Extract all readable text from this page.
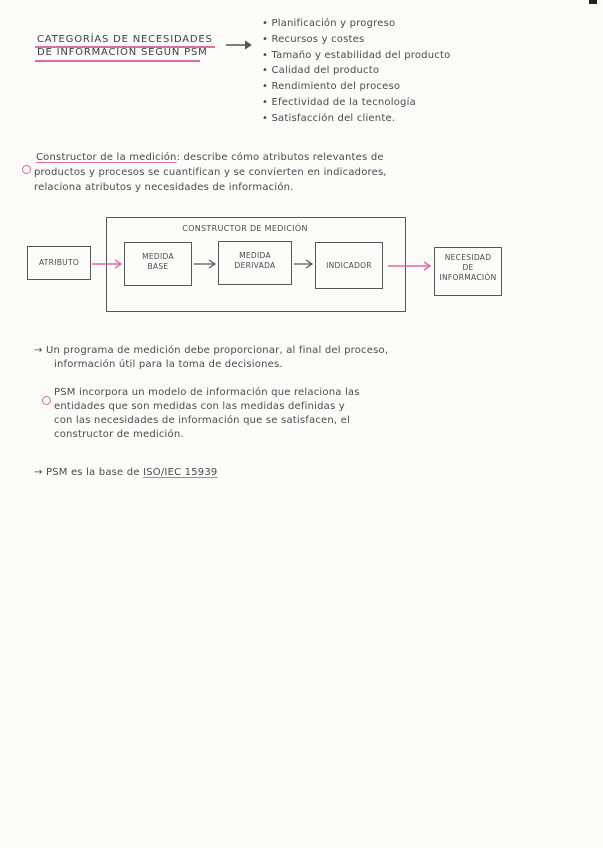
CATEGORÍAS DE NECESIDADES
DE INFORMACIÓN SEGÚN PSM
• Planificación y progreso
• Recursos y costes
• Tamaño y estabilidad del producto
• Calidad del producto
• Rendimiento del proceso
• Efectividad de la tecnología
• Satisfacción del cliente.
Constructor de la medición: describe cómo atributos relevantes de
productos y procesos se cuantifican y se convierten en indicadores,
relaciona atributos y necesidades de información.
CONSTRUCTOR DE MEDICIÓN
ATRIBUTO
MEDIDA
BASE
MEDIDA
DERIVADA	INDICADOR
NECESIDAD
DE
INFORMACIÓN
→ Un programa de medición debe proporcionar, al final del proceso,
información útil para la toma de decisiones.
PSM incorpora un modelo de información que relaciona las
entidades que son medidas con las medidas definidas y
con las necesidades de información que se satisfacen, el
constructor de medición.
→ PSM es la base de ISO/IEC 15939
